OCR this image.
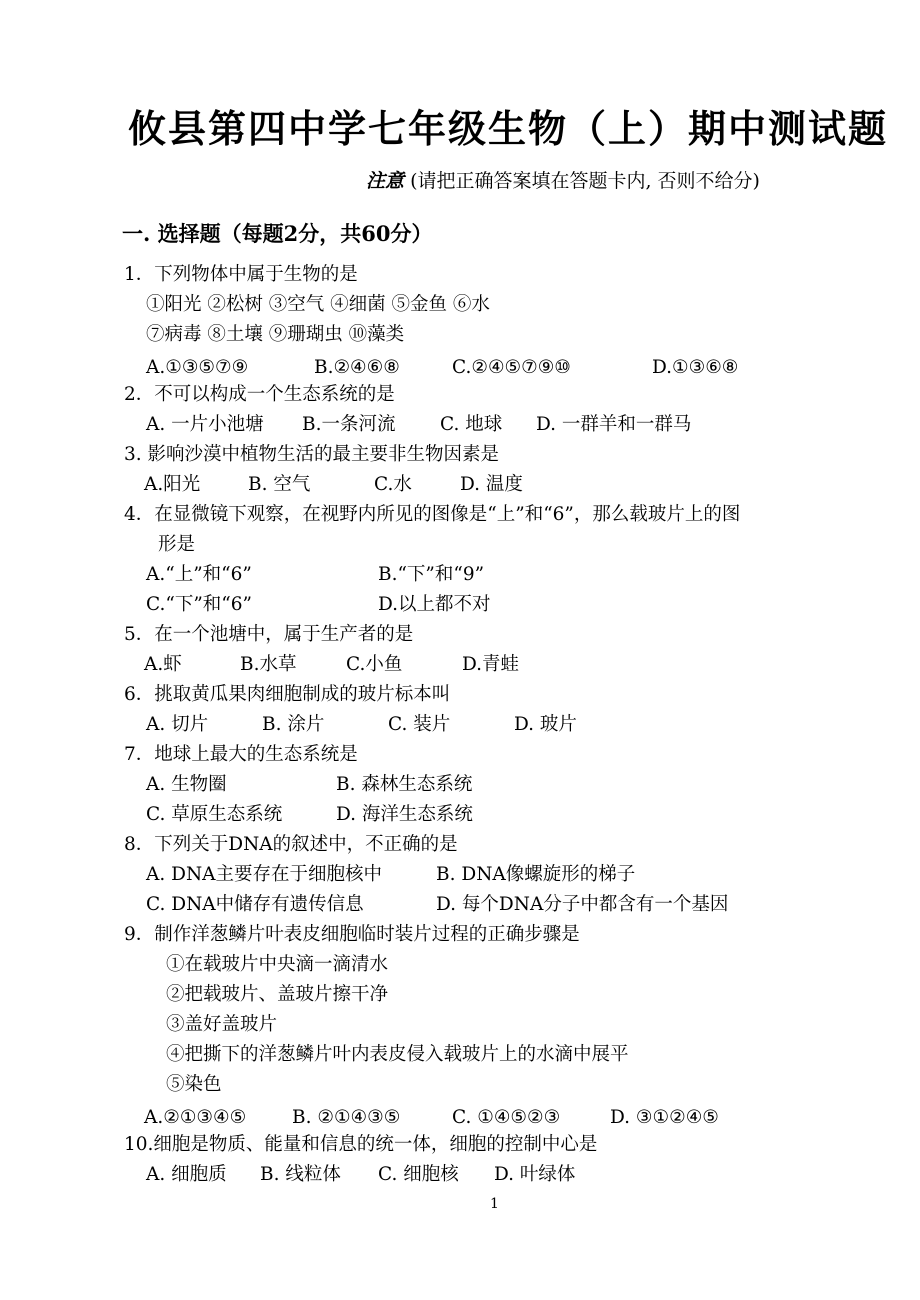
攸县第四中学七年级生物（上）期中测试题
注意 (请把正确答案填在答题卡内, 否则不给分)
一. 选择题（每题2分，共60分）
1．下列物体中属于生物的是
①阳光 ②松树 ③空气 ④细菌 ⑤金鱼 ⑥水
⑦病毒 ⑧土壤 ⑨珊瑚虫 ⑩藻类
A.①③⑤⑦⑨	B.②④⑥⑧	C.②④⑤⑦⑨⑩	D.①③⑥⑧
2．不可以构成一个生态系统的是
A. 一片小池塘 B.一条河流 C. 地球 D. 一群羊和一群马
3. 影响沙漠中植物生活的最主要非生物因素是
A.阳光	B. 空气	C.水	D. 温度
4．在显微镜下观察，在视野内所见的图像是“上”和“6”，那么载玻片上的图
形是
A.“上”和“6”	B.“下”和“9”
C.“下”和“6”	D.以上都不对
5．在一个池塘中，属于生产者的是
A.虾	B.水草	C.小鱼	D.青蛙
6．挑取黄瓜果肉细胞制成的玻片标本叫
A. 切片	B. 涂片	C. 装片	D. 玻片
7．地球上最大的生态系统是
A. 生物圈	B. 森林生态系统
C. 草原生态系统	D. 海洋生态系统
8．下列关于DNA的叙述中，不正确的是
A. DNA主要存在于细胞核中	B. DNA像螺旋形的梯子
C. DNA中储存有遗传信息	D. 每个DNA分子中都含有一个基因
9．制作洋葱鳞片叶表皮细胞临时装片过程的正确步骤是
①在载玻片中央滴一滴清水
②把载玻片、盖玻片擦干净
③盖好盖玻片
④把撕下的洋葱鳞片叶内表皮侵入载玻片上的水滴中展平
⑤染色
A.②①③④⑤ B. ②①④③⑤	C. ①④⑤②③	D. ③①②④⑤
10.细胞是物质、能量和信息的统一体，细胞的控制中心是
A. 细胞质 B. 线粒体 C. 细胞核 D. 叶绿体
1
